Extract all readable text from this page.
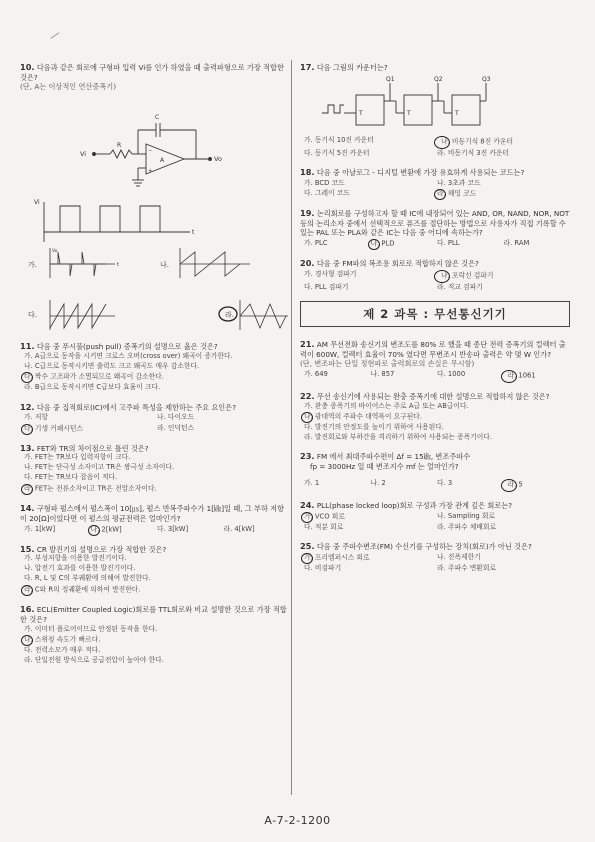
10. 다음과 같은 회로에 구형파 입력 Vi를 인가 하였을 때 출력파형으로 가장 적합한 것은?
(단, A는 이상적인 연산증폭기)
−
+
Vi
R
C
A	Vo
Vi
t
가.	나.
다.	라.
Vo
t
11. 다음 중 푸시풀(push pull) 증폭기의 설명으로 옳은 것은?
가. A급으로 동작을 시키면 크로스 오버(cross over) 왜곡이 증가한다.
나. C급으로 동작시키면 출력도 크고 왜곡도 매우 감소한다.
다. 짝수 고조파가 소멸되므로 왜곡이 감소한다.
라. B급으로 동작시키면 C급보다 효율이 크다.
12. 다음 중 집적회로(IC)에서 고주파 특성을 제한하는 주요 요인은?
가. 저항	나. 다이오드
다. 기생 커패시턴스	라. 인덕턴스
13. FET와 TR의 차이점으로 틀린 것은?
가. FET는 TR보다 입력저항이 크다.
나. FET는 단극성 소자이고 TR은 쌍극성 소자이다.
다. FET는 TR보다 잡음이 적다.
라. FET는 전류소자이고 TR은 전압소자이다.
14. 구형파 펄스에서 펄스폭이 10[㎲], 펄스 반복주파수가 1[㎑]일 때, 그 부하 저항이 20[Ω]이었다면 이 펄스의 평균전력은 얼마인가?
가. 1[kW]	나. 2[kW]	다. 3[kW]	라. 4[kW]
15. CR 발진기의 설명으로 가장 적합한 것은?
가. 부성저항을 이용한 발진기이다.
나. 압전기 효과를 이용한 발진기이다.
다. R, L 및 C의 부궤환에 의해여 발진한다.
라. C와 R의 정궤환에 의하여 발진한다.
16. ECL(Emitter Coupled Logic)회로를 TTL회로와 비교 설명한 것으로 가장 적합한 것은?
가. 이미터 플로어이므로 안정된 동작을 한다.
나. 스위칭 속도가 빠르다.
다. 전력소모가 매우 적다.
라. 단일전원 방식으로 공급전압이 높아야 한다.
17. 다음 그림의 카운터는?
Q1	Q2	Q3
T	T	T
가. 동기식 10진 카운터	나. 비동기식 8진 카운터
다. 동기식 5진 카운터	라. 비동기식 3진 카운터
18. 다음 중 아날로그 - 디지털 변환에 가장 유효하게 사용되는 코드는?
가. BCD 코드	나. 3초과 코드
다. 그레이 코드	라. 해밍 코드
19. 논리회로를 구성하고자 할 때 IC에 내장되어 있는 AND, OR, NAND, NOR, NOT 등의 논리소자 중에서 선택적으로 퓨즈를 절단하는 방법으로 사용자가 직접 기록할 수 있는 PAL 또는 PLA와 같은 IC는 다음 중 어디에 속하는가?
가. PLC	나. PLD	다. PLL	라. RAM
20. 다음 중 FM파의 복조용 회로로 적합하지 않은 것은?
가. 경사형 검파기	나. 포락선 검파기
다. PLL 검파기	라. 직교 검파기
제 2 과목 : 무선통신기기
21. AM 무선전화 송신기의 변조도를 80% 로 했을 때 종단 전력 증폭기의 컬렉터 출력이 600W, 컬렉터 효율이 70% 였다면 무변조시 반송파 출력은 약 몇 W 인가?
(단, 변조파는 단일 정현파로 출력회로의 손실은 무시함)
가. 649	나. 857	다. 1000	라. 1061
22. 무선 송신기에 사용되는 완충 증폭기에 대한 설명으로 적합하지 않은 것은?
가. 완충 증폭기의 바이어스는 주로 A급 또는 AB급이다.
나. 광대역의 주파수 대역폭이 요구된다.
다. 발진기의 안정도를 높이기 위하여 사용된다.
라. 발진회로와 부하간을 격리하기 위하여 사용되는 증폭기이다.
23. FM 에서 최대주파수편이 Δf = 15㎑, 변조주파수
fp = 3000Hz 일 때 변조지수 mf 는 얼마인가?
가. 1	나. 2	다. 3	라. 5
24. PLL(phase locked loop)회로 구성과 가장 관계 깊은 회로는?
가. VCO 회로	나. Sampling 회로
다. 적분 회로	라. 주파수 체배회로
25. 다음 중 주파수변조(FM) 수신기를 구성하는 장치(회로)가 아닌 것은?
가. 프리엠퍼시스 회로	나. 진폭제한기
다. 비검파기	라. 주파수 변환회로
A-7-2-1200
